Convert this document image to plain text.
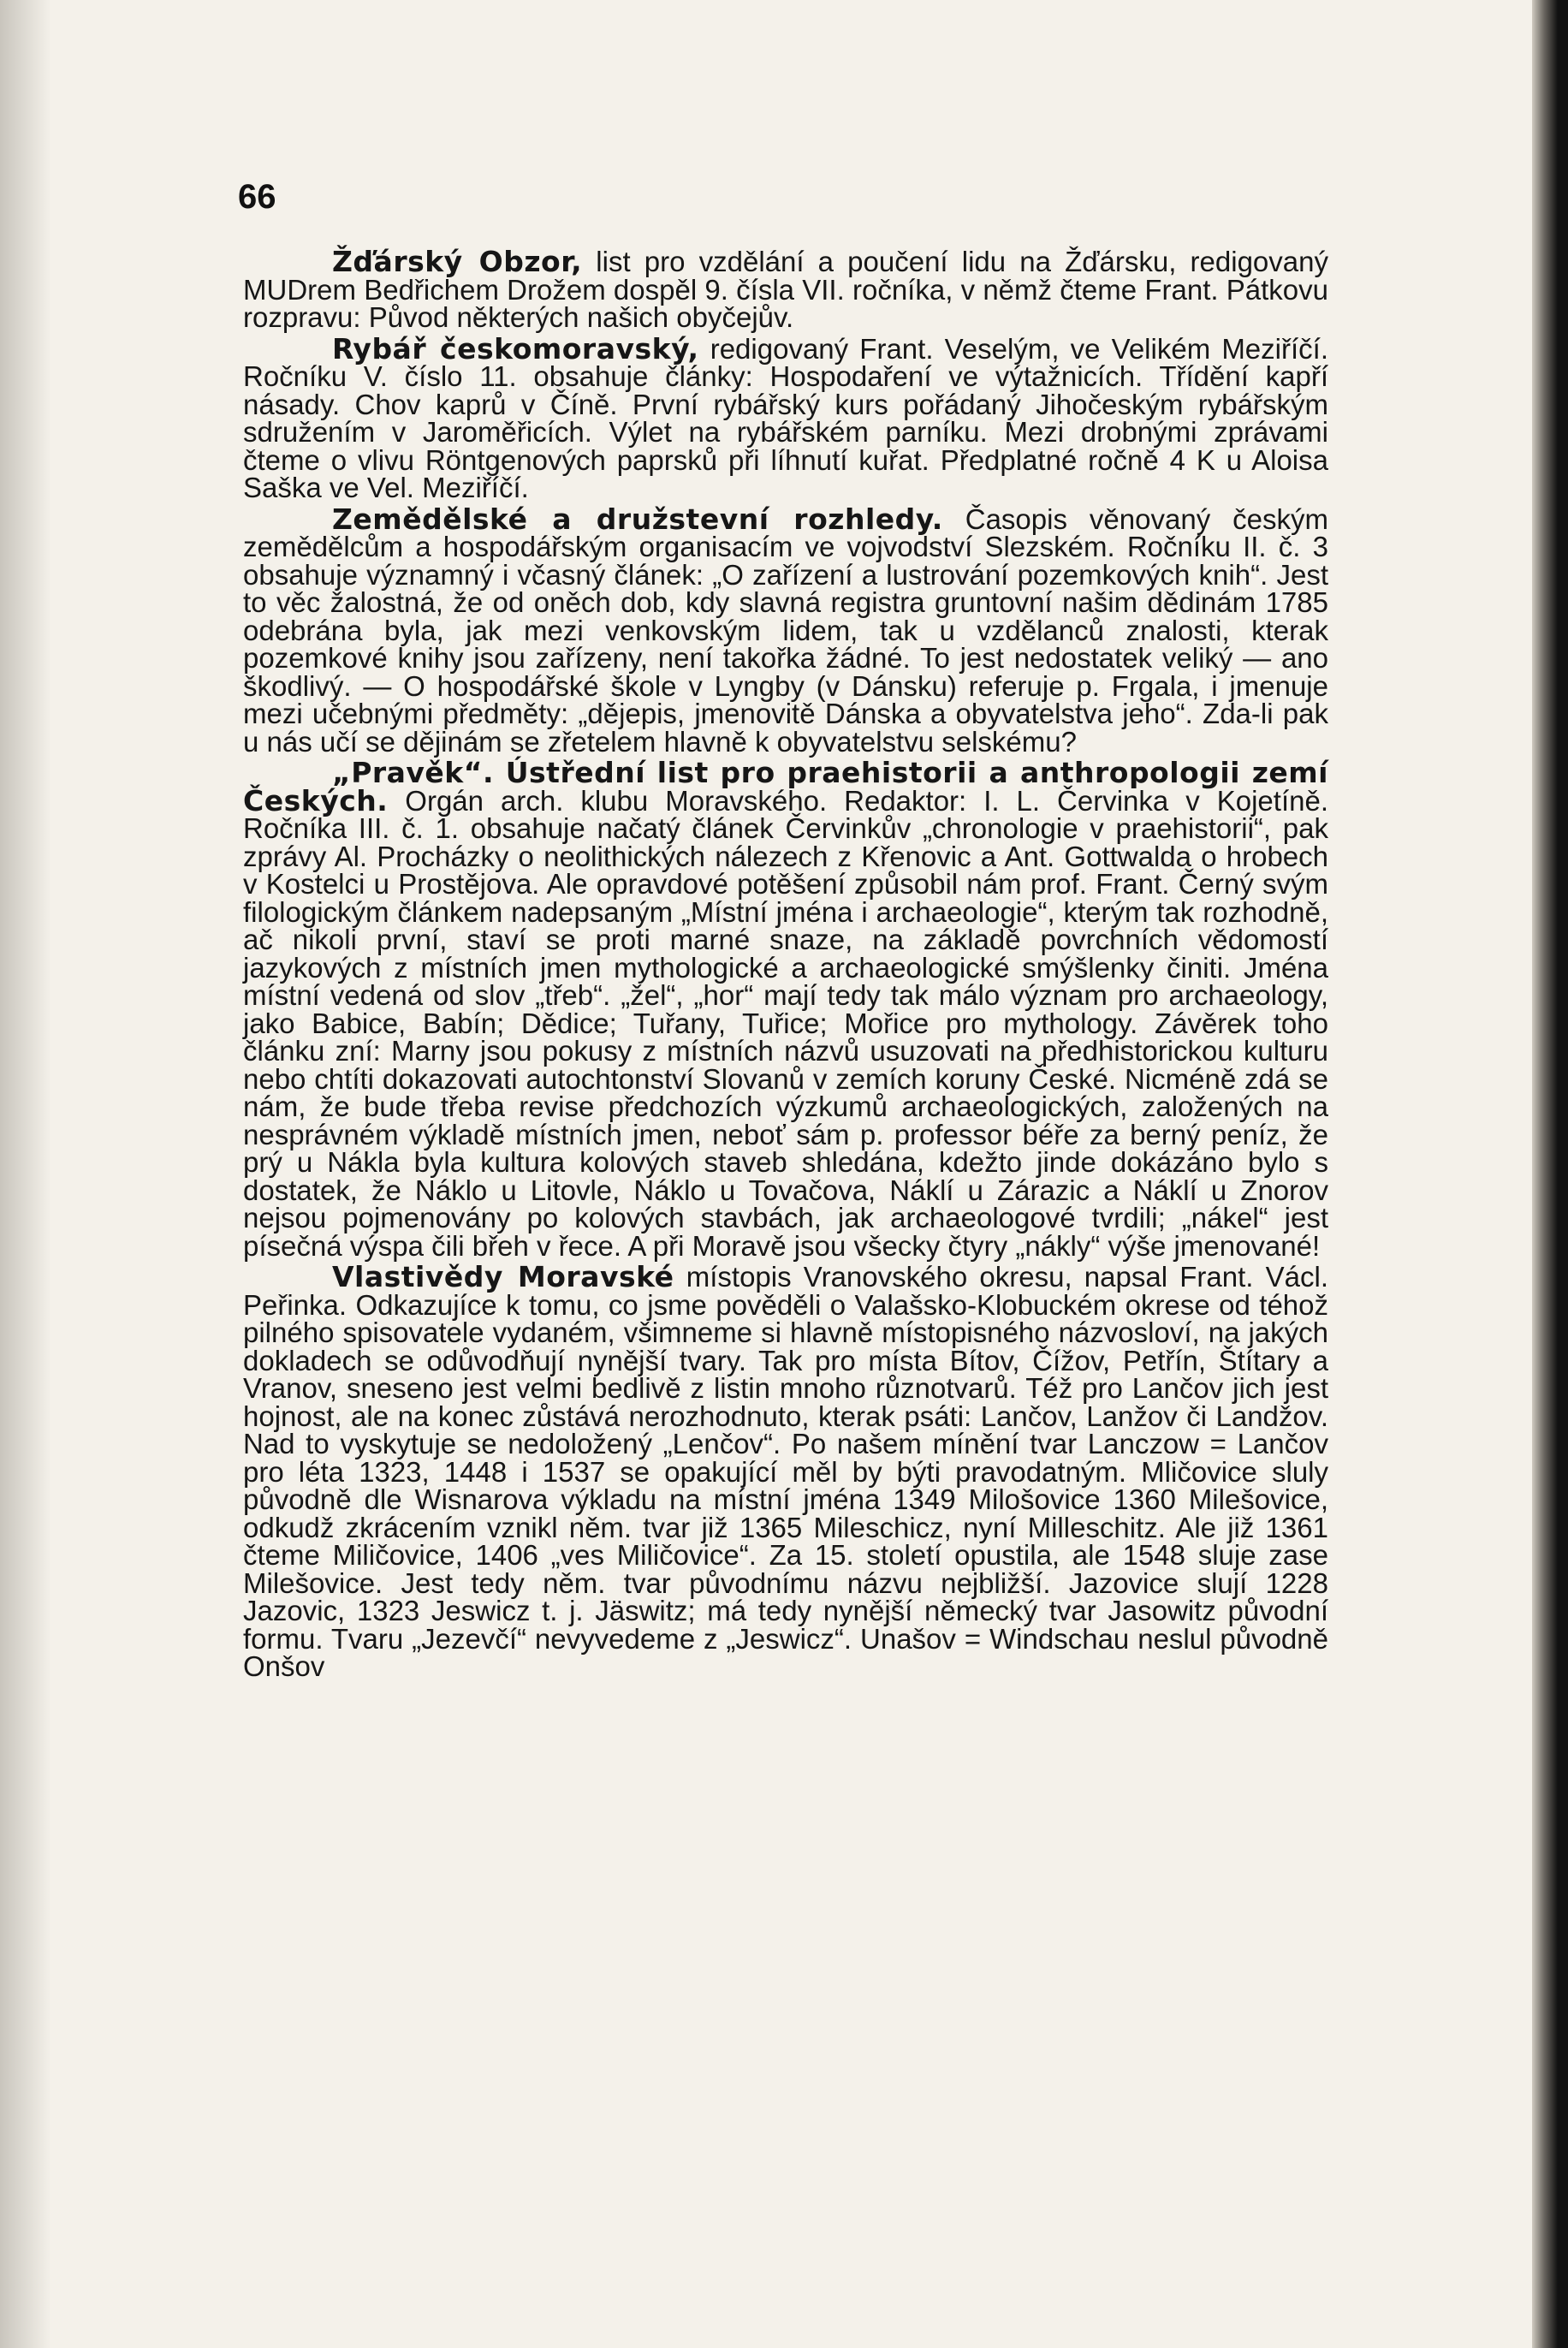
66

Žďárský Obzor, list pro vzdělání a poučení lidu na Žďársku, redigovaný MUDrem Bedřichem Drožem dospěl 9. čísla VII. ročníka, v němž čteme Frant. Pátkovu rozpravu: Původ některých našich obyčejův.

Rybář českomoravský, redigovaný Frant. Veselým, ve Velikém Meziříčí. Ročníku V. číslo 11. obsahuje články: Hospodaření ve výtažnicích. Třídění kapří násady. Chov kaprů v Číně. První rybářský kurs pořádaný Jihočeským rybářským sdružením v Jaroměřicích. Výlet na rybářském parníku. Mezi drobnými zprávami čteme o vlivu Röntgenových paprsků při líhnutí kuřat. Předplatné ročně 4 K u Aloisa Saška ve Vel. Meziříčí.

Zemědělské a družstevní rozhledy. Časopis věnovaný českým zemědělcům a hospodářským organisacím ve vojvodství Slezském. Ročníku II. č. 3 obsahuje významný i včasný článek: „O zařízení a lustrování pozemkových knih“. Jest to věc žalostná, že od oněch dob, kdy slavná registra gruntovní našim dědinám 1785 odebrána byla, jak mezi venkovským lidem, tak u vzdělanců znalosti, kterak pozemkové knihy jsou zařízeny, není takořka žádné. To jest nedostatek veliký — ano škodlivý. — O hospodářské škole v Lyngby (v Dánsku) referuje p. Frgala, i jmenuje mezi učebnými předměty: „dějepis, jmenovitě Dánska a obyvatelstva jeho“. Zda-li pak u nás učí se dějinám se zřetelem hlavně k obyvatelstvu selskému?

„Pravěk“. Ústřední list pro praehistorii a anthropologii zemí Českých. Orgán arch. klubu Moravského. Redaktor: I. L. Červinka v Kojetíně. Ročníka III. č. 1. obsahuje načatý článek Červinkův „chronologie v praehistorii“, pak zprávy Al. Procházky o neolithických nálezech z Křenovic a Ant. Gottwalda o hrobech v Kostelci u Prostějova. Ale opravdové potěšení způsobil nám prof. Frant. Černý svým filologickým článkem nadepsaným „Místní jména i archaeologie“, kterým tak rozhodně, ač nikoli první, staví se proti marné snaze, na základě povrchních vědomostí jazykových z místních jmen mythologické a archaeologické smýšlenky činiti. Jména místní vedená od slov „třeb“. „žel“, „hor“ mají tedy tak málo význam pro archaeology, jako Babice, Babín; Dědice; Tuřany, Tuřice; Mořice pro mythology. Závěrek toho článku zní: Marny jsou pokusy z místních názvů usuzovati na předhistorickou kulturu nebo chtíti dokazovati autochtonství Slovanů v zemích koruny České. Nicméně zdá se nám, že bude třeba revise předchozích výzkumů archaeologických, založených na nesprávném výkladě místních jmen, neboť sám p. professor béře za berný peníz, že prý u Nákla byla kultura kolových staveb shledána, kdežto jinde dokázáno bylo s dostatek, že Náklo u Litovle, Náklo u Tovačova, Náklí u Zárazic a Náklí u Znorov nejsou pojmenovány po kolových stavbách, jak archaeologové tvrdili; „nákel“ jest písečná výspa čili břeh v řece. A při Moravě jsou všecky čtyry „nákly“ výše jmenované!

Vlastivědy Moravské místopis Vranovského okresu, napsal Frant. Václ. Peřinka. Odkazujíce k tomu, co jsme pověděli o Valašsko-Klobuckém okrese od téhož pilného spisovatele vydaném, všimneme si hlavně místopisného názvosloví, na jakých dokladech se odůvodňují nynější tvary. Tak pro místa Bítov, Čížov, Petřín, Štítary a Vranov, sneseno jest velmi bedlivě z listin mnoho různotvarů. Též pro Lančov jich jest hojnost, ale na konec zůstává nerozhodnuto, kterak psáti: Lančov, Lanžov či Landžov. Nad to vyskytuje se nedoložený „Lenčov“. Po našem mínění tvar Lanczow = Lančov pro léta 1323, 1448 i 1537 se opakující měl by býti pravodatným. Mličovice sluly původně dle Wisnarova výkladu na místní jména 1349 Milošovice 1360 Milešovice, odkudž zkrácením vznikl něm. tvar již 1365 Mileschicz, nyní Milleschitz. Ale již 1361 čteme Miličovice, 1406 „ves Miličovice“. Za 15. století opustila, ale 1548 sluje zase Milešovice. Jest tedy něm. tvar původnímu názvu nejbližší. Jazovice slují 1228 Jazovic, 1323 Jeswicz t. j. Jäswitz; má tedy nynější německý tvar Jasowitz původní formu. Tvaru „Jezevčí“ nevyvedeme z „Jeswicz“. Unašov = Windschau neslul původně Onšov
